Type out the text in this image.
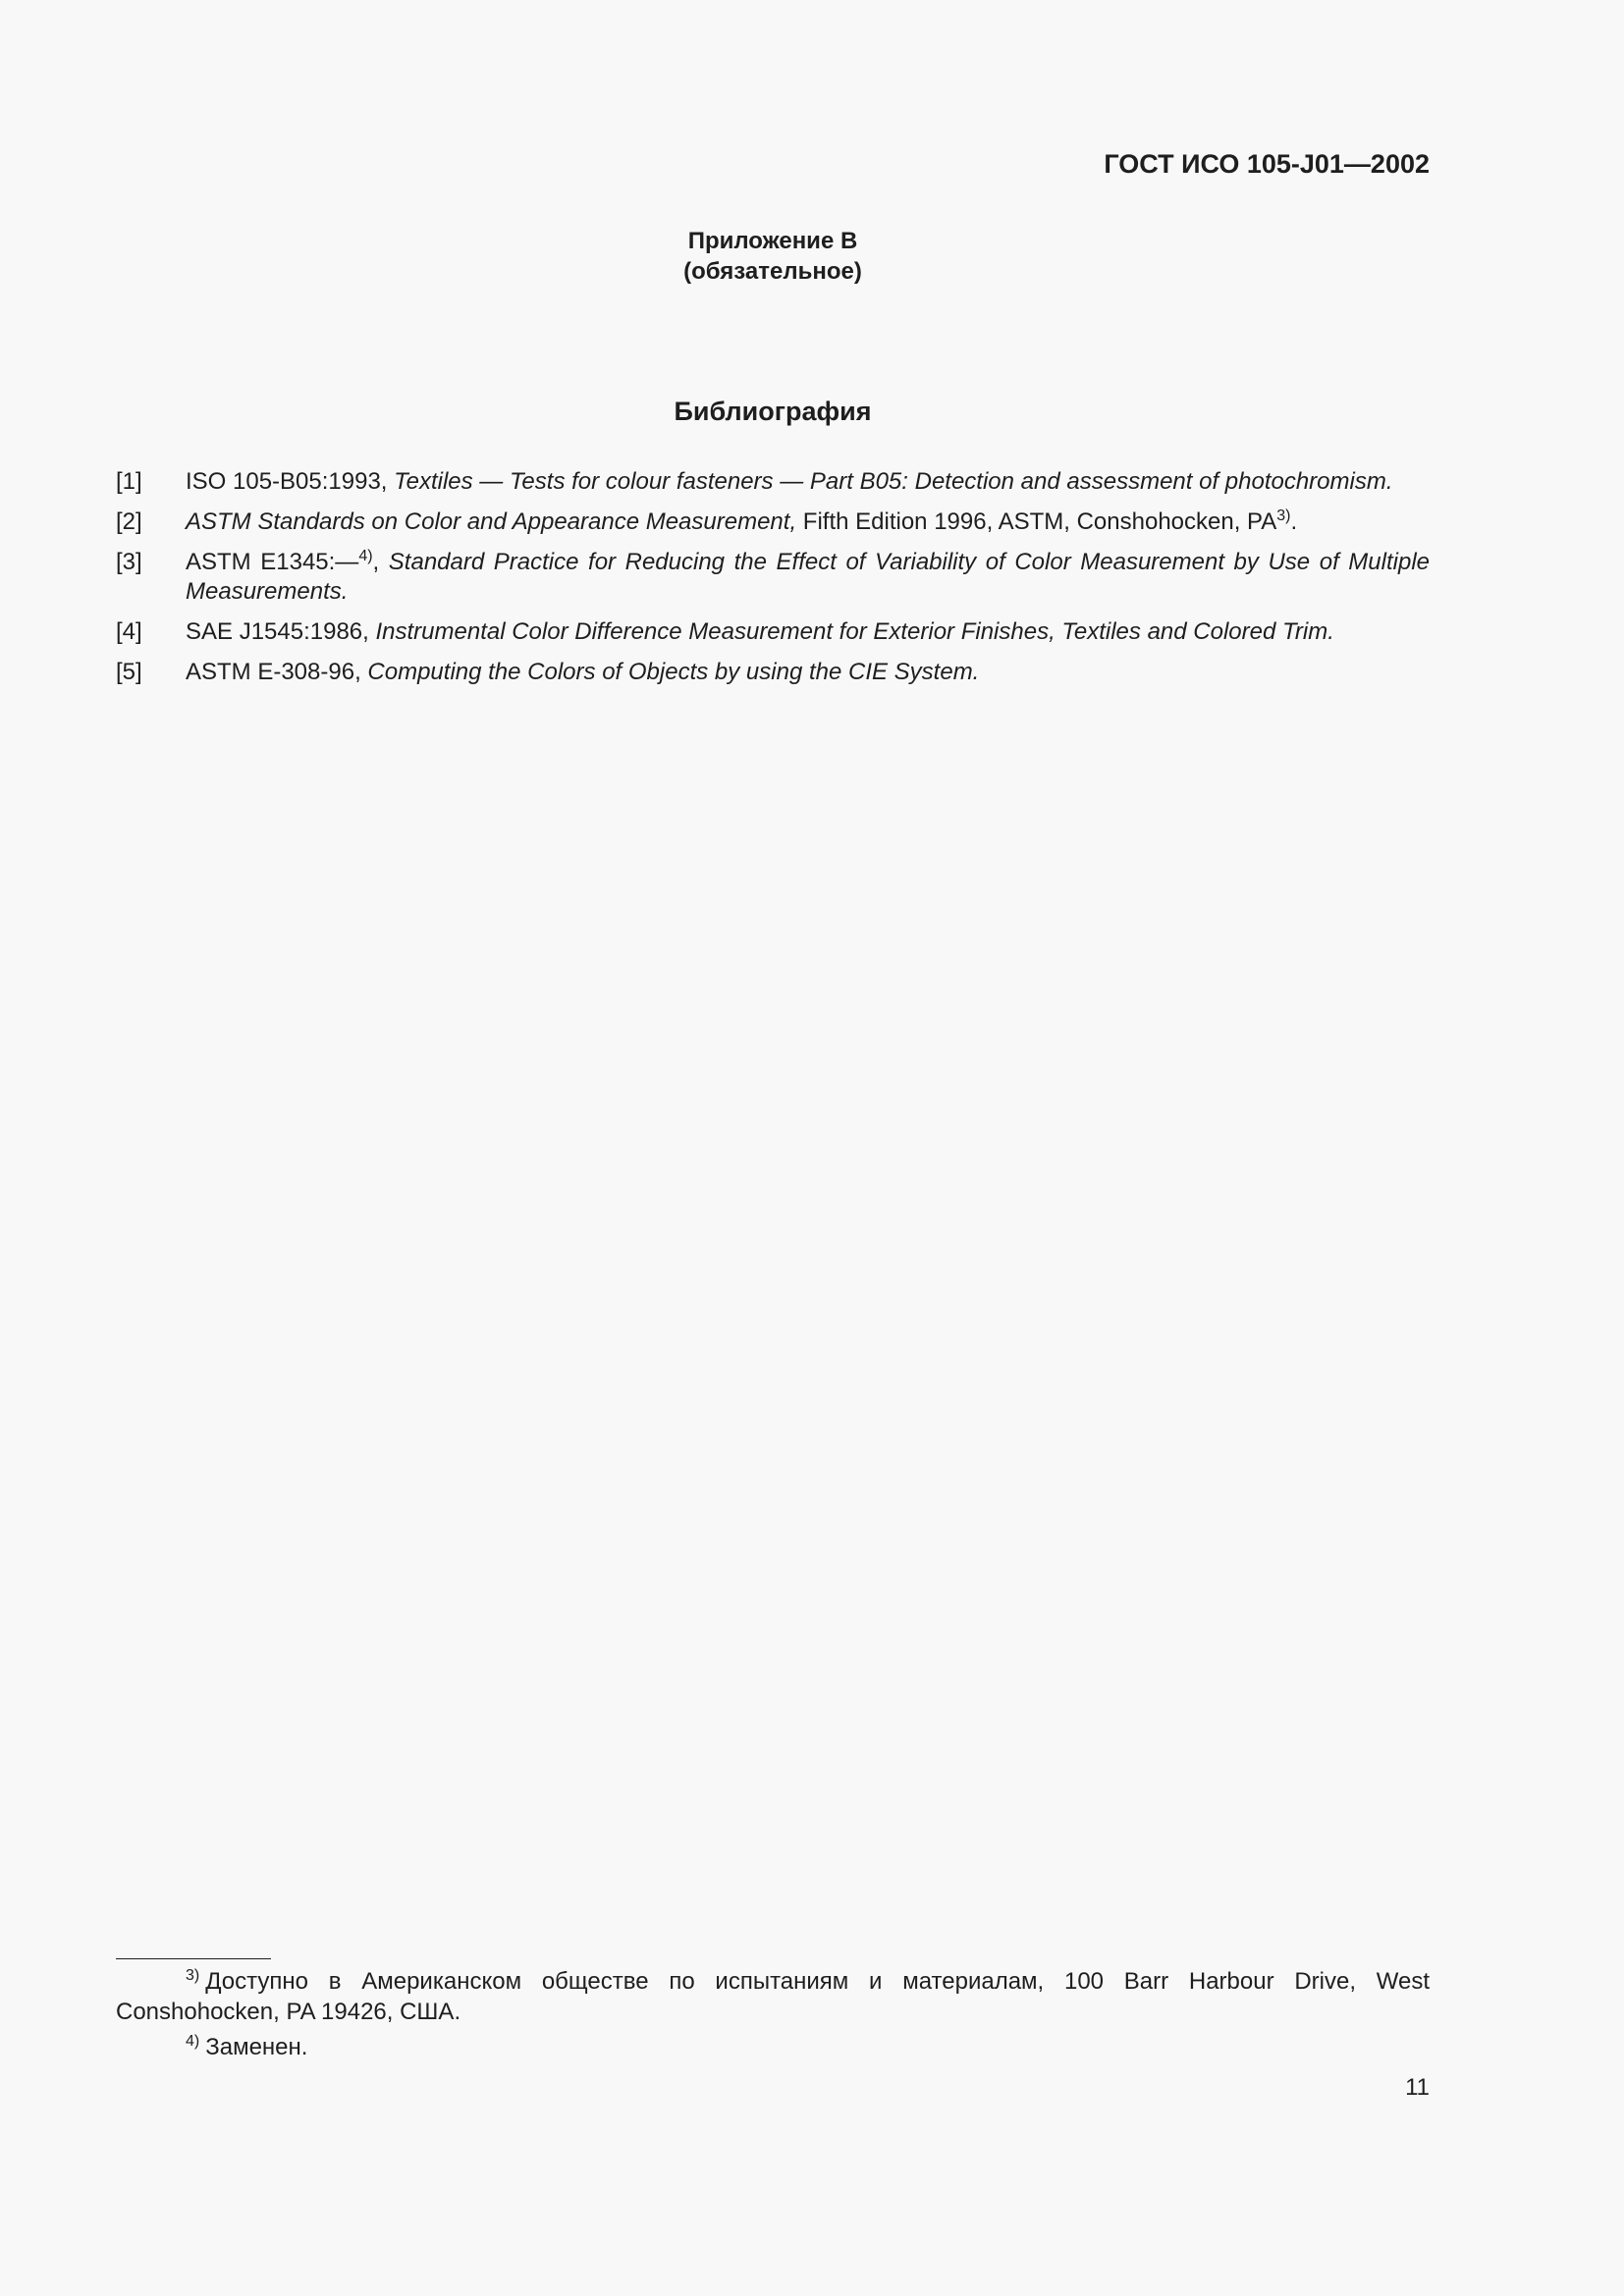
ГОСТ ИСО 105-J01—2002
Приложение В
(обязательное)
Библиография
[1]	ISO 105-B05:1993, Textiles — Tests for colour fasteners — Part B05: Detection and assessment of photochromism.
[2]	ASTM Standards on Color and Appearance Measurement, Fifth Edition 1996, ASTM, Conshohocken, PA$^{3)}$.
[3]	ASTM E1345:—$^{4)}$, Standard Practice for Reducing the Effect of Variability of Color Measurement by Use of Multiple Measurements.
[4]	SAE J1545:1986, Instrumental Color Difference Measurement for Exterior Finishes, Textiles and Colored Trim.
[5]	ASTM E-308-96, Computing the Colors of Objects by using the CIE System.
$^{3)}$ Доступно в Американском обществе по испытаниям и материалам, 100 Barr Harbour Drive, West
Conshohocken, PA 19426, США.
$^{4)}$ Заменен.
11
